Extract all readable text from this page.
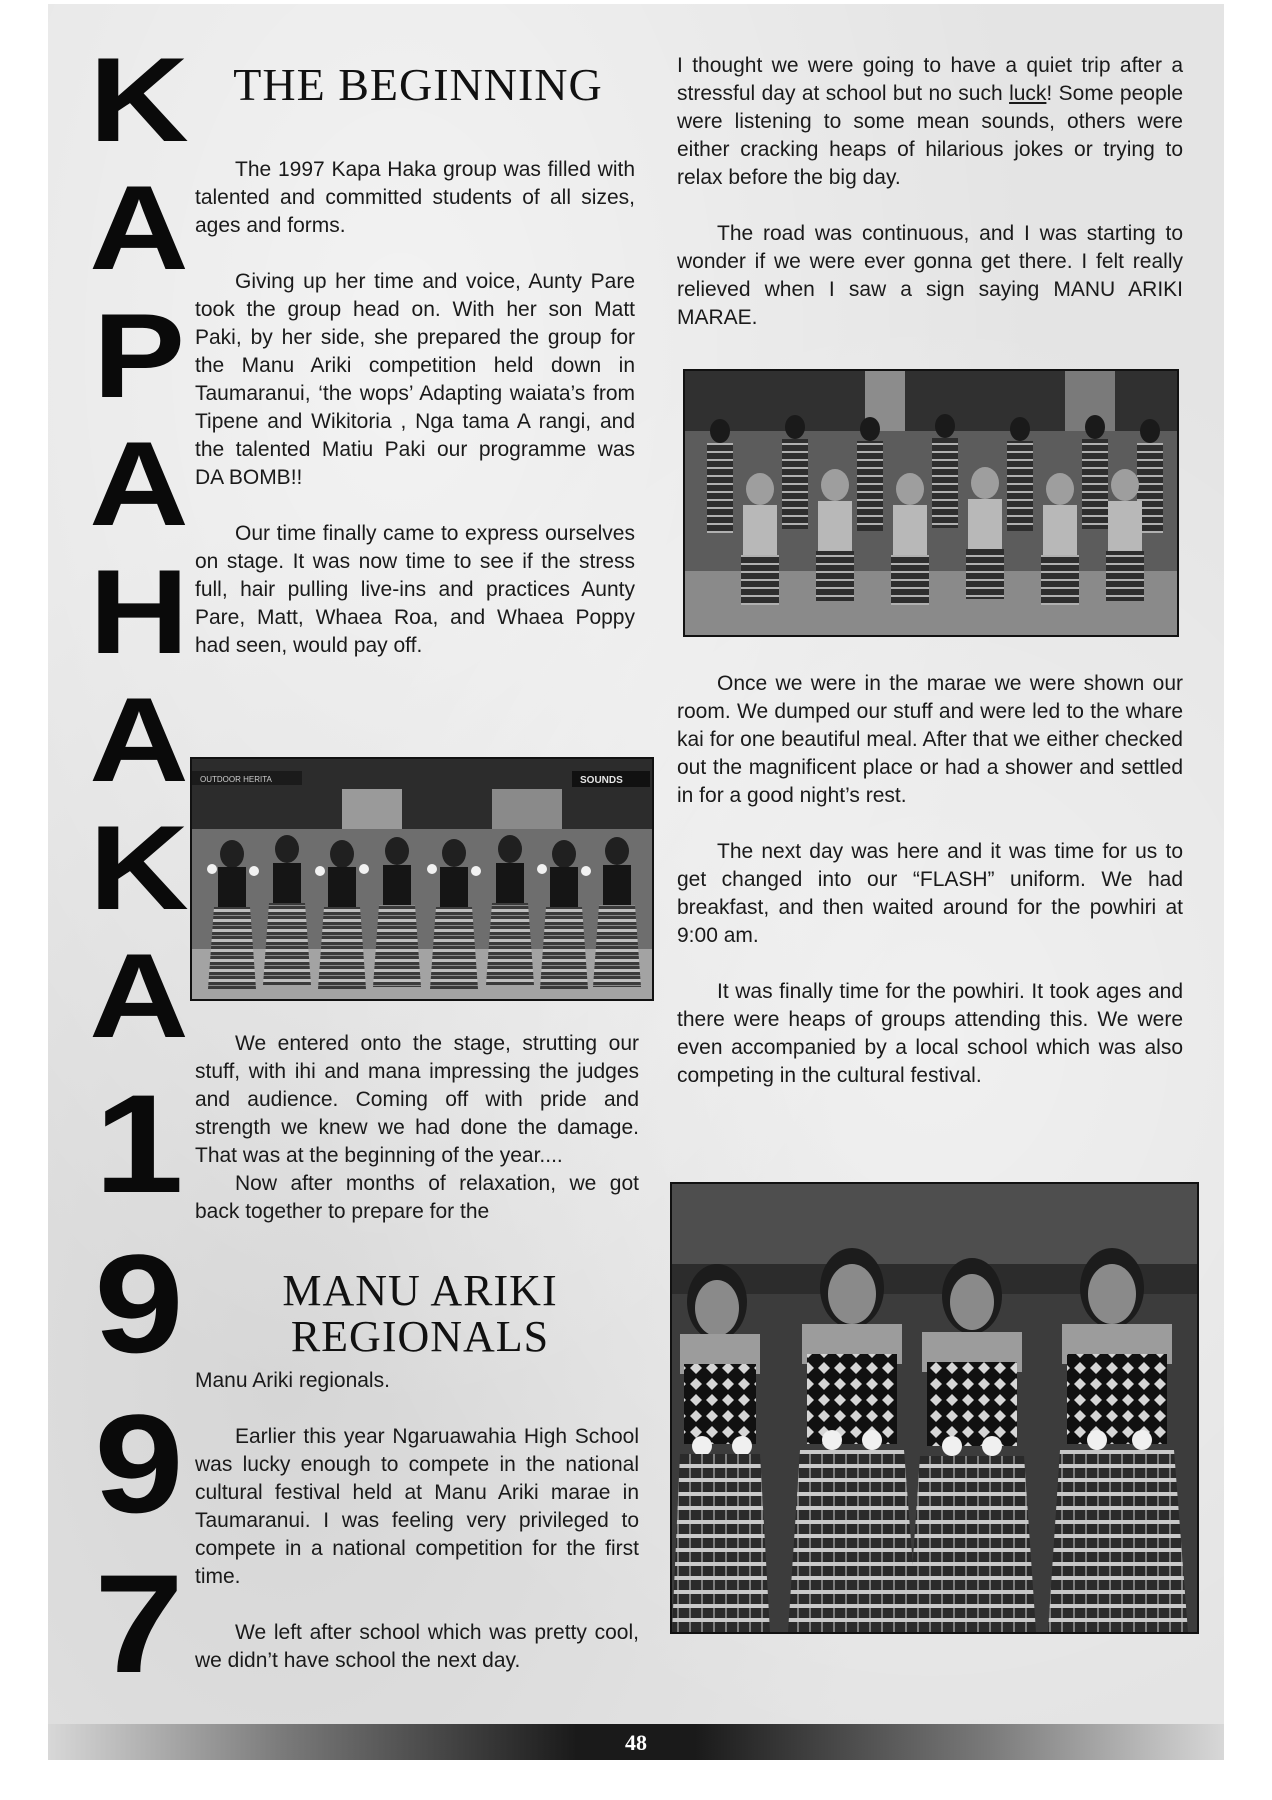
K
A
P
A
H
A
K
A
1
9
9
7
THE BEGINNING

The 1997 Kapa Haka group was filled with talented and committed students of all sizes, ages and forms.

Giving up her time and voice, Aunty Pare took the group head on. With her son Matt Paki, by her side, she prepared the group for the Manu Ariki competition held down in Taumaranui, ‘the wops’ Adapting waiata’s from Tipene and Wikitoria , Nga tama A rangi, and the talented Matiu Paki our programme was DA BOMB!!

Our time finally came to express ourselves on stage. It was now time to see if the stress full, hair pulling live-ins and practices Aunty Pare, Matt, Whaea Roa, and Whaea Poppy had seen, would pay off.

OUTDOOR HERITA	SOUNDS

We entered onto the stage, strutting our stuff, with ihi and mana impressing the judges and audience. Coming off with pride and strength we knew we had done the damage. That was at the beginning of the year....

Now after months of relaxation, we got back together to prepare for the

MANU ARIKI
REGIONALS

Manu Ariki regionals.

Earlier this year Ngaruawahia High School was lucky enough to compete in the national cultural festival held at Manu Ariki marae in Taumaranui. I was feeling very privileged to compete in a national competition for the first time.

We left after school which was pretty cool, we didn’t have school the next day.

I thought we were going to have a quiet trip after a stressful day at school but no such luck! Some people were listening to some mean sounds, others were either cracking heaps of hilarious jokes or trying to relax before the big day.

The road was continuous, and I was starting to wonder if we were ever gonna get there. I felt really relieved when I saw a sign saying MANU ARIKI MARAE.

Once we were in the marae we were shown our room. We dumped our stuff and were led to the whare kai for one beautiful meal. After that we either checked out the magnificent place or had a shower and settled in for a good night’s rest.

The next day was here and it was time for us to get changed into our “FLASH” uniform. We had breakfast, and then waited around for the powhiri at 9:00 am.

It was finally time for the powhiri. It took ages and there were heaps of groups attending this. We were even accompanied by a local school which was also competing in the cultural festival.

48
